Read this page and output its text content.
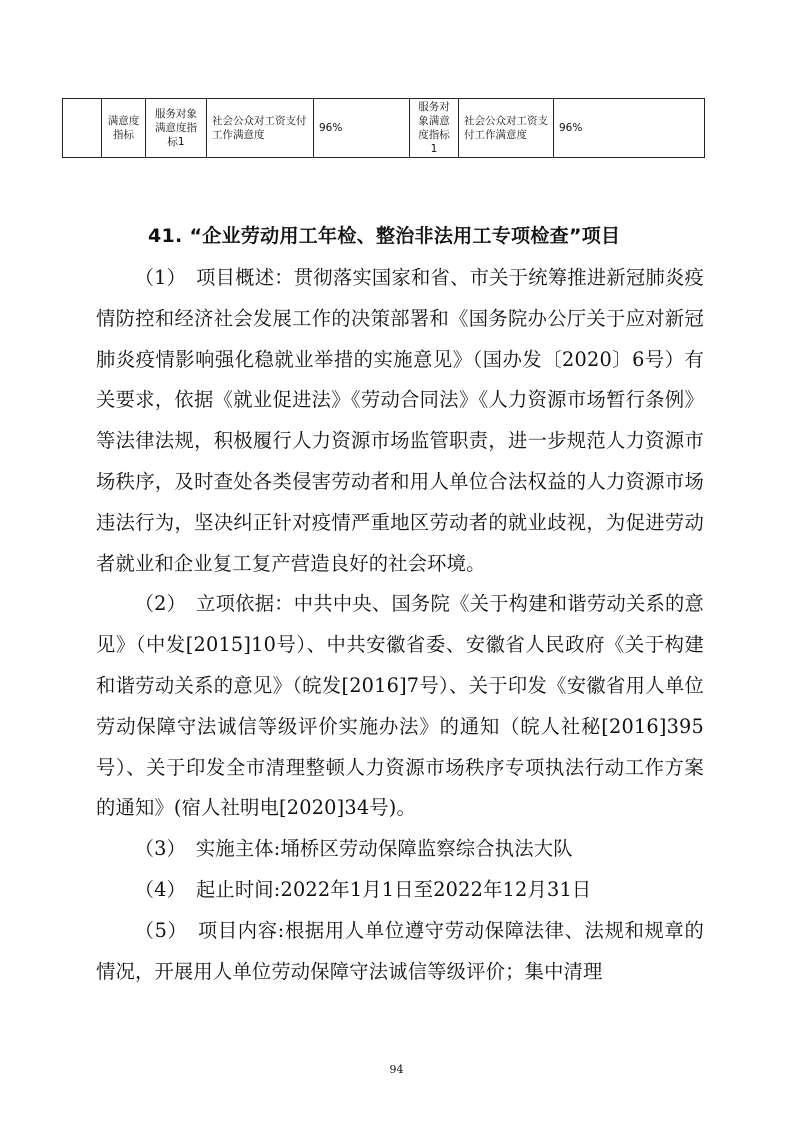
	满意度指标	服务对象满意度指标1	社会公众对工资支付工作满意度	96%	服务对象满意度指标1	社会公众对工资支付工作满意度	96%
41. “企业劳动用工年检、整治非法用工专项检查”项目

（1）　项目概述：贯彻落实国家和省、市关于统筹推进新冠肺炎疫情防控和经济社会发展工作的决策部署和《国务院办公厅关于应对新冠肺炎疫情影响强化稳就业举措的实施意见》（国办发〔2020〕6号）有关要求，依据《就业促进法》《劳动合同法》《人力资源市场暂行条例》等法律法规，积极履行人力资源市场监管职责，进一步规范人力资源市场秩序，及时查处各类侵害劳动者和用人单位合法权益的人力资源市场违法行为，坚决纠正针对疫情严重地区劳动者的就业歧视，为促进劳动者就业和企业复工复产营造良好的社会环境。

（2）　立项依据：中共中央、国务院《关于构建和谐劳动关系的意见》（中发[2015]10号）、中共安徽省委、安徽省人民政府《关于构建和谐劳动关系的意见》（皖发[2016]7号）、关于印发《安徽省用人单位劳动保障守法诚信等级评价实施办法》的通知（皖人社秘[2016]395号）、关于印发全市清理整顿人力资源市场秩序专项执法行动工作方案的通知》(宿人社明电[2020]34号)。

（3）　实施主体:埇桥区劳动保障监察综合执法大队

（4）　起止时间:2022年1月1日至2022年12月31日

（5）　项目内容:根据用人单位遵守劳动保障法律、法规和规章的情况，开展用人单位劳动保障守法诚信等级评价；集中清理

94
